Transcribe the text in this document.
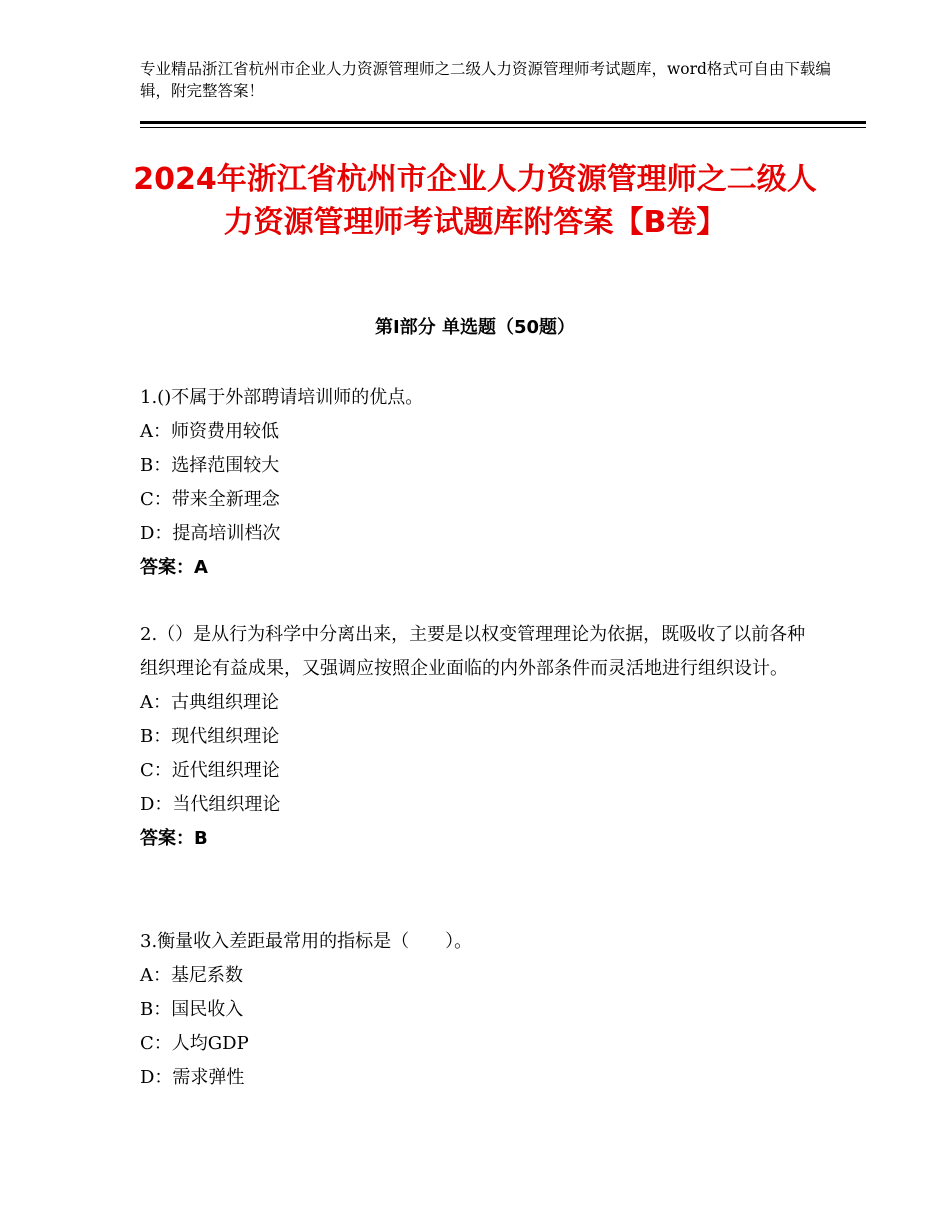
专业精品浙江省杭州市企业人力资源管理师之二级人力资源管理师考试题库，word格式可自由下载编辑，附完整答案！
2024年浙江省杭州市企业人力资源管理师之二级人力资源管理师考试题库附答案【B卷】
第Ⅰ部分 单选题（50题）
1.()不属于外部聘请培训师的优点。
A：师资费用较低
B：选择范围较大
C：带来全新理念
D：提高培训档次
答案：A
2.（）是从行为科学中分离出来，主要是以权变管理理论为依据，既吸收了以前各种组织理论有益成果，又强调应按照企业面临的内外部条件而灵活地进行组织设计。
A：古典组织理论
B：现代组织理论
C：近代组织理论
D：当代组织理论
答案：B
3.衡量收入差距最常用的指标是（　　）。
A：基尼系数
B：国民收入
C：人均GDP
D：需求弹性
